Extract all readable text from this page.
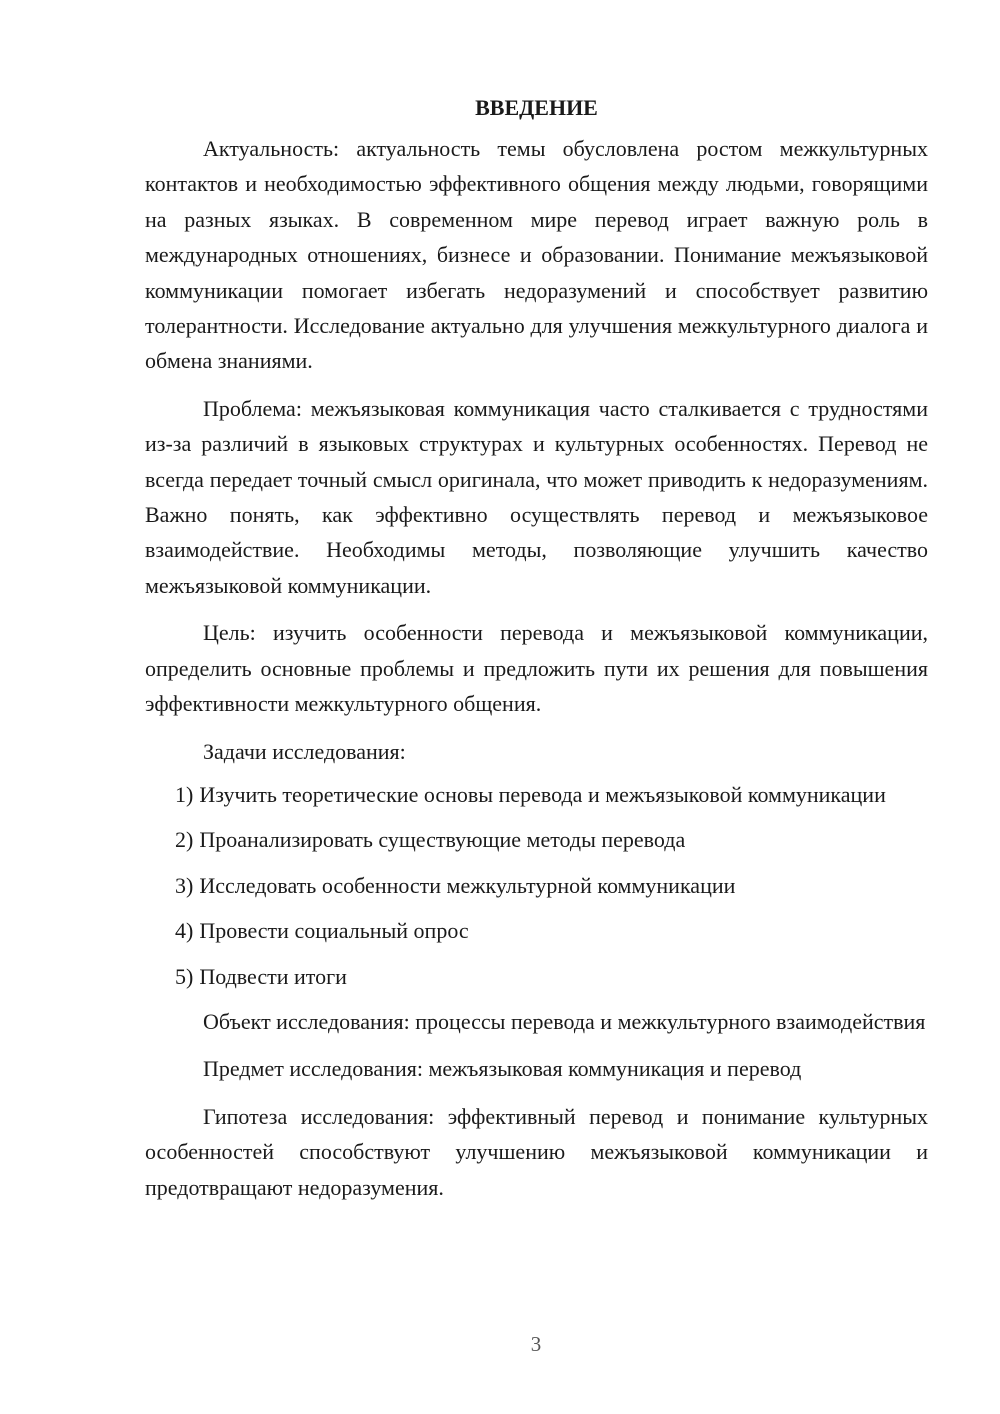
ВВЕДЕНИЕ

Актуальность: актуальность темы обусловлена ростом межкультурных контактов и необходимостью эффективного общения между людьми, говорящими на разных языках. В современном мире перевод играет важную роль в международных отношениях, бизнесе и образовании. Понимание межъязыковой коммуникации помогает избегать недоразумений и способствует развитию толерантности. Исследование актуально для улучшения межкультурного диалога и обмена знаниями.

Проблема: межъязыковая коммуникация часто сталкивается с трудностями из-за различий в языковых структурах и культурных особенностях. Перевод не всегда передает точный смысл оригинала, что может приводить к недоразумениям. Важно понять, как эффективно осуществлять перевод и межъязыковое взаимодействие. Необходимы методы, позволяющие улучшить качество межъязыковой коммуникации.

Цель: изучить особенности перевода и межъязыковой коммуникации, определить основные проблемы и предложить пути их решения для повышения эффективности межкультурного общения.

Задачи исследования:

1) Изучить теоретические основы перевода и межъязыковой коммуникации

2) Проанализировать существующие методы перевода

3) Исследовать особенности межкультурной коммуникации

4) Провести социальный опрос

5) Подвести итоги

Объект исследования: процессы перевода и межкультурного взаимодействия

Предмет исследования: межъязыковая коммуникация и перевод

Гипотеза исследования: эффективный перевод и понимание культурных особенностей способствуют улучшению межъязыковой коммуникации и предотвращают недоразумения.

3
